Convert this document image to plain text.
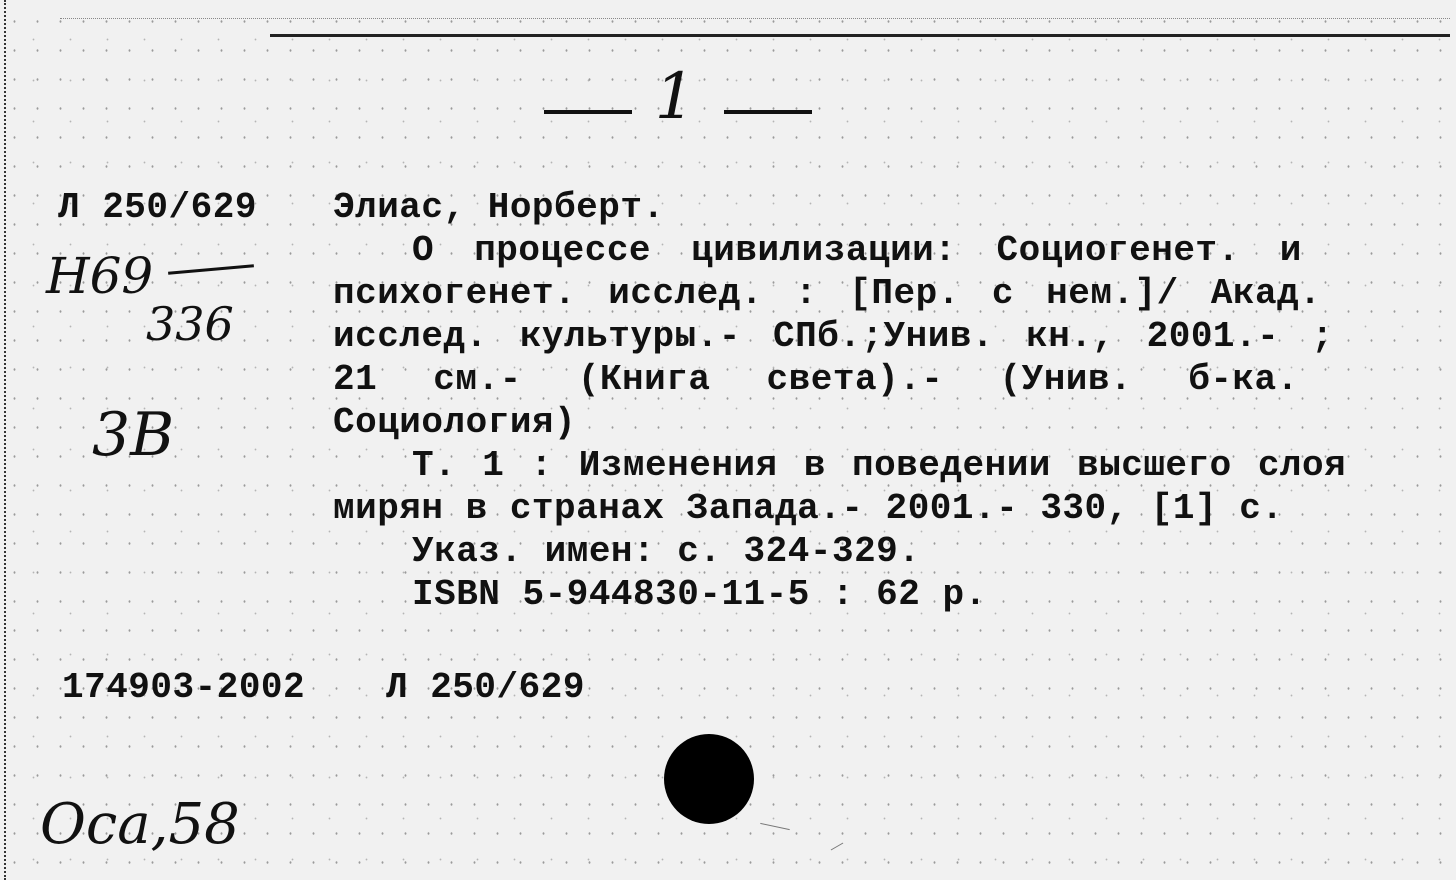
1
Л 250/629 Элиас, Норберт.
О процессе цивилизации: Социогенет. и
психогенет. исслед. : [Пер. с нем.]/ Акад.
исслед. культуры.- СПб.;Унив. кн., 2001.- ;
21 см.- (Книга света).- (Унив. б-ка.
Социология)
Т. 1 : Изменения в поведении высшего слоя
мирян в странах Запада.- 2001.- 330, [1] с.
Указ. имен: с. 324-329.
ISBN 5-944830-11-5 : 62 р.
174903-2002 Л 250/629
Н69
336
3В
Оса,58
